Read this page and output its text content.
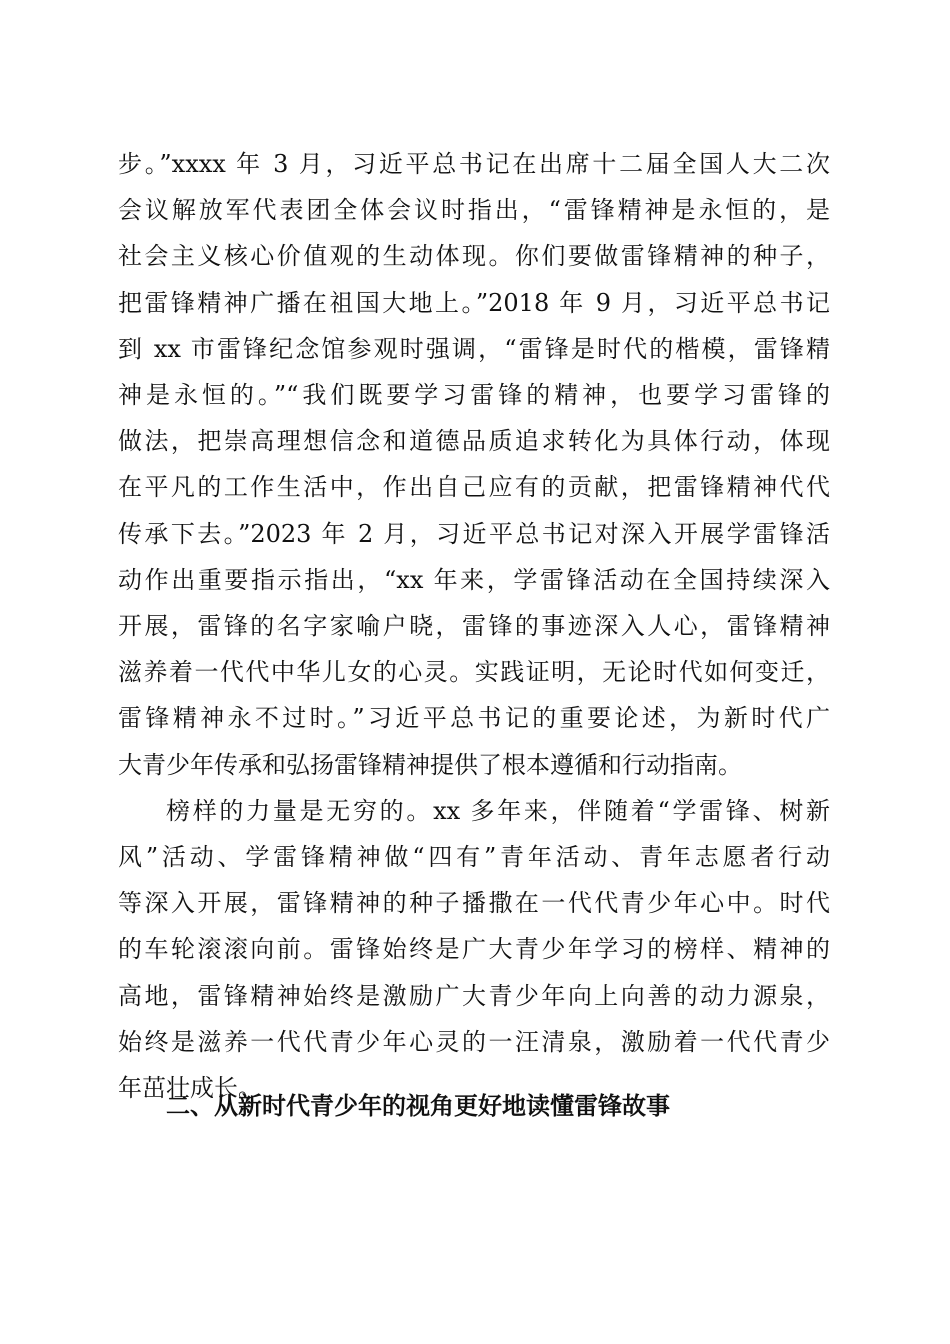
步。”xxxx 年 3 月，习近平总书记在出席十二届全国人大二次
会议解放军代表团全体会议时指出，“雷锋精神是永恒的，是
社会主义核心价值观的生动体现。你们要做雷锋精神的种子，
把雷锋精神广播在祖国大地上。”2018 年 9 月，习近平总书记
到 xx 市雷锋纪念馆参观时强调，“雷锋是时代的楷模，雷锋精
神是永恒的。”“我们既要学习雷锋的精神，也要学习雷锋的
做法，把崇高理想信念和道德品质追求转化为具体行动，体现
在平凡的工作生活中，作出自己应有的贡献，把雷锋精神代代
传承下去。”2023 年 2 月，习近平总书记对深入开展学雷锋活
动作出重要指示指出，“xx 年来，学雷锋活动在全国持续深入
开展，雷锋的名字家喻户晓，雷锋的事迹深入人心，雷锋精神
滋养着一代代中华儿女的心灵。实践证明，无论时代如何变迁，
雷锋精神永不过时。”习近平总书记的重要论述，为新时代广
大青少年传承和弘扬雷锋精神提供了根本遵循和行动指南。

榜样的力量是无穷的。xx 多年来，伴随着“学雷锋、树新
风”活动、学雷锋精神做“四有”青年活动、青年志愿者行动
等深入开展，雷锋精神的种子播撒在一代代青少年心中。时代
的车轮滚滚向前。雷锋始终是广大青少年学习的榜样、精神的
高地，雷锋精神始终是激励广大青少年向上向善的动力源泉，
始终是滋养一代代青少年心灵的一汪清泉，激励着一代代青少
年茁壮成长。

二、从新时代青少年的视角更好地读懂雷锋故事
